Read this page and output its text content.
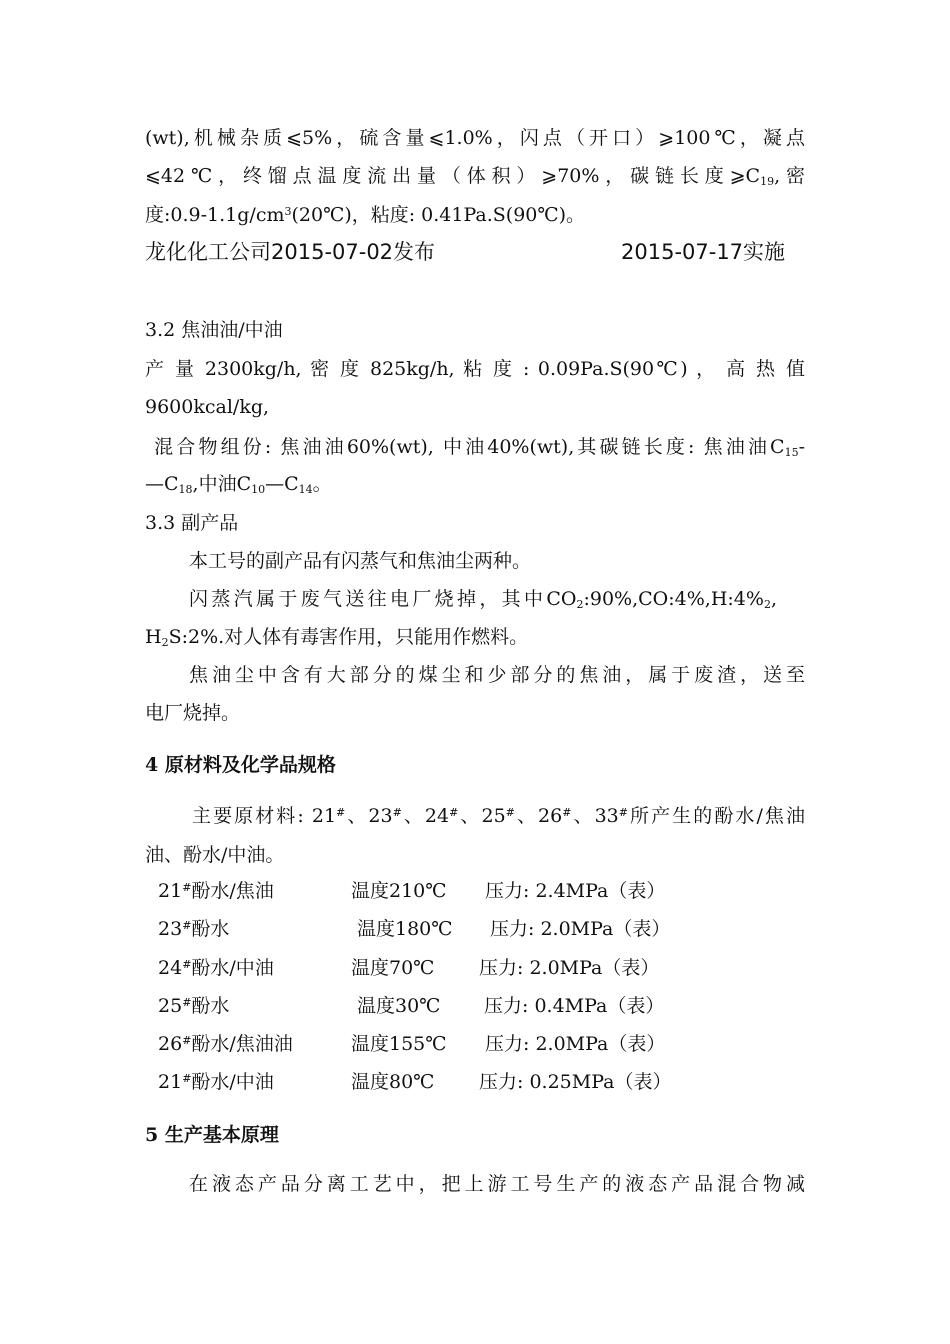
(wt),机械杂质⩽5%，硫含量⩽1.0%，闪点（开口）⩾100℃，凝点
⩽42℃，终馏点温度流出量（体积）⩾70%，碳链长度$⩾C_{19}$,密
度$:0.9-1.1g/cm^3(20℃)$，粘度: 0.41Pa.S(90℃)。
龙化化工公司2015-07-02发布	2015-07-17实施
3.2 焦油油/中油
产 量 2300kg/h, 密 度 825kg/h, 粘 度 : 0.09Pa.S(90℃) ， 高 热 值
9600kcal/kg,
混合物组份: 焦油油60%(wt), 中油40%(wt),其碳链长度: 焦油油$C_{15}-$
$—C_{18}$,中油$C_{10}—C_{14}$。
3.3 副产品
本工号的副产品有闪蒸气和焦油尘两种。
闪蒸汽属于废气送往电厂烧掉，其中$CO_2:90\%,CO:4\%,H:4\%_2$,
$H_2S:2\%$.对人体有毒害作用，只能用作燃料。
焦油尘中含有大部分的煤尘和少部分的焦油，属于废渣，送至
电厂烧掉。
4 原材料及化学品规格
主要原材料: 21#、23#、24#、25#、26#、33#所产生的酚水/焦油
油、酚水/中油。
21#酚水/焦油	温度210℃ 压力: 2.4MPa（表）
23#酚水	温度180℃ 压力: 2.0MPa（表）
24#酚水/中油	温度70℃ 压力: 2.0MPa（表）
25#酚水	温度30℃ 压力: 0.4MPa（表）
26#酚水/焦油油	温度155℃ 压力: 2.0MPa（表）
21#酚水/中油	温度80℃ 压力: 0.25MPa（表）
5 生产基本原理
在液态产品分离工艺中，把上游工号生产的液态产品混合物减
